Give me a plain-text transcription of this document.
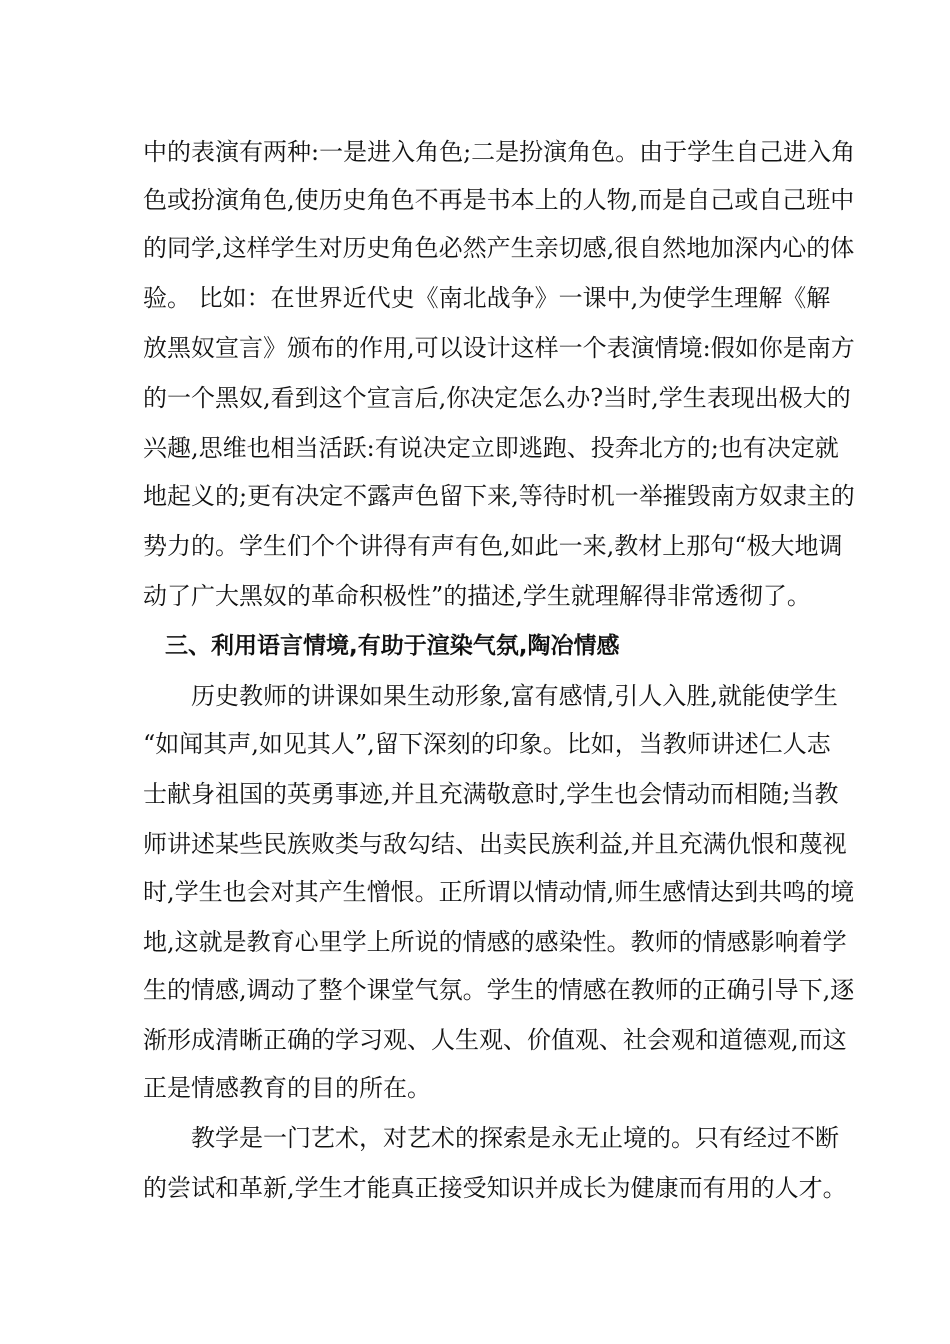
中的表演有两种:一是进入角色;二是扮演角色。由于学生自己进入角
色或扮演角色,使历史角色不再是书本上的人物,而是自己或自己班中
的同学,这样学生对历史角色必然产生亲切感,很自然地加深内心的体
验。 比如：在世界近代史《南北战争》一课中,为使学生理解《解
放黑奴宣言》颁布的作用,可以设计这样一个表演情境:假如你是南方
的一个黑奴,看到这个宣言后,你决定怎么办?当时,学生表现出极大的
兴趣,思维也相当活跃:有说决定立即逃跑、投奔北方的;也有决定就
地起义的;更有决定不露声色留下来,等待时机一举摧毁南方奴隶主的
势力的。学生们个个讲得有声有色,如此一来,教材上那句“极大地调
动了广大黑奴的革命积极性”的描述,学生就理解得非常透彻了。
三、利用语言情境,有助于渲染气氛,陶冶情感
历史教师的讲课如果生动形象,富有感情,引人入胜,就能使学生
“如闻其声,如见其人”,留下深刻的印象。比如，当教师讲述仁人志
士献身祖国的英勇事迹,并且充满敬意时,学生也会情动而相随;当教
师讲述某些民族败类与敌勾结、出卖民族利益,并且充满仇恨和蔑视
时,学生也会对其产生憎恨。正所谓以情动情,师生感情达到共鸣的境
地,这就是教育心里学上所说的情感的感染性。教师的情感影响着学
生的情感,调动了整个课堂气氛。学生的情感在教师的正确引导下,逐
渐形成清晰正确的学习观、人生观、价值观、社会观和道德观,而这
正是情感教育的目的所在。
教学是一门艺术，对艺术的探索是永无止境的。只有经过不断
的尝试和革新,学生才能真正接受知识并成长为健康而有用的人才。
